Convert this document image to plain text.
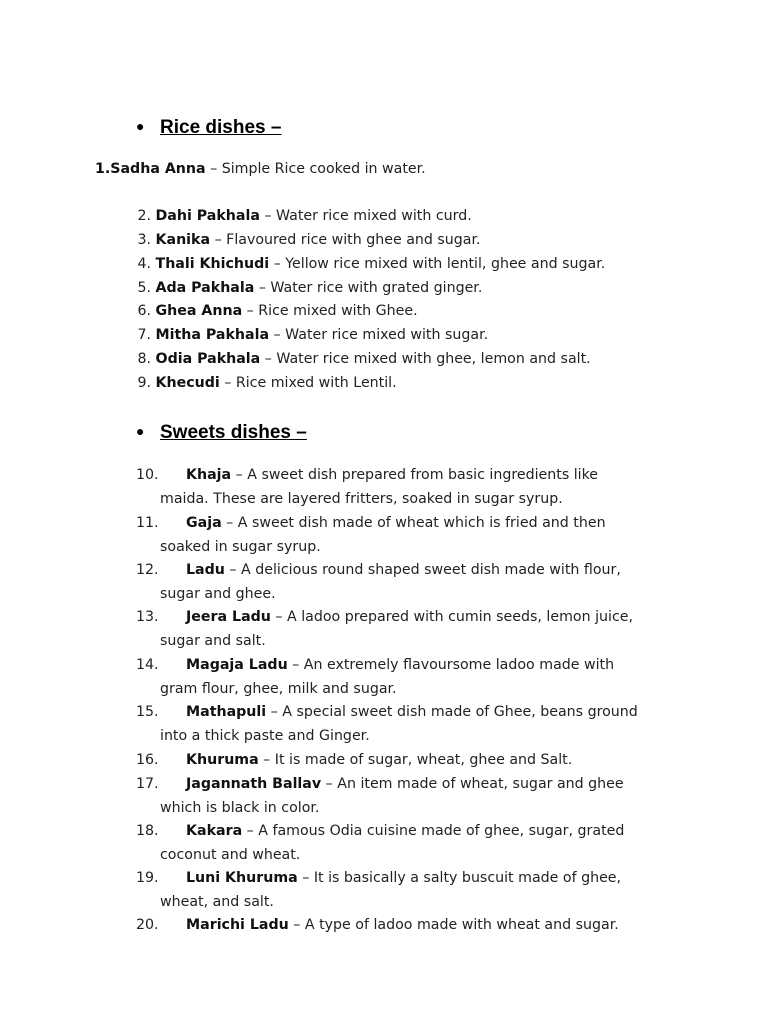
● Rice dishes –
1.Sadha Anna – Simple Rice cooked in water.
2. Dahi Pakhala – Water rice mixed with curd.
3. Kanika – Flavoured rice with ghee and sugar.
4. Thali Khichudi – Yellow rice mixed with lentil, ghee and sugar.
5. Ada Pakhala – Water rice with grated ginger.
6. Ghea Anna – Rice mixed with Ghee.
7. Mitha Pakhala – Water rice mixed with sugar.
8. Odia Pakhala – Water rice mixed with ghee, lemon and salt.
9. Khecudi – Rice mixed with Lentil.
● Sweets dishes –
10. Khaja – A sweet dish prepared from basic ingredients like
maida. These are layered fritters, soaked in sugar syrup.
11. Gaja – A sweet dish made of wheat which is fried and then
soaked in sugar syrup.
12. Ladu – A delicious round shaped sweet dish made with flour,
sugar and ghee.
13. Jeera Ladu – A ladoo prepared with cumin seeds, lemon juice,
sugar and salt.
14. Magaja Ladu – An extremely flavoursome ladoo made with
gram flour, ghee, milk and sugar.
15. Mathapuli – A special sweet dish made of Ghee, beans ground
into a thick paste and Ginger.
16. Khuruma – It is made of sugar, wheat, ghee and Salt.
17. Jagannath Ballav – An item made of wheat, sugar and ghee
which is black in color.
18. Kakara – A famous Odia cuisine made of ghee, sugar, grated
coconut and wheat.
19. Luni Khuruma – It is basically a salty buscuit made of ghee,
wheat, and salt.
20. Marichi Ladu – A type of ladoo made with wheat and sugar.
